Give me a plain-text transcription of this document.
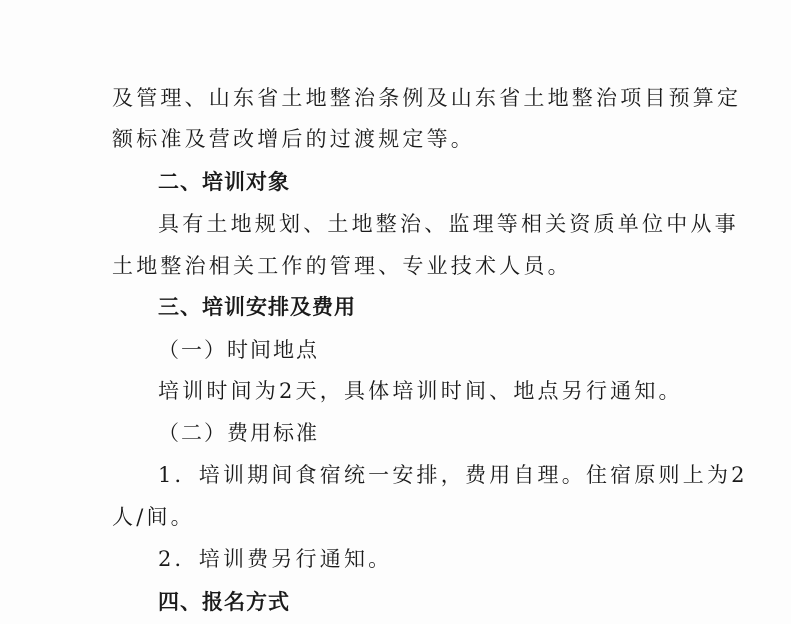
及管理、山东省土地整治条例及山东省土地整治项目预算定
额标准及营改增后的过渡规定等。
二、培训对象
具有土地规划、土地整治、监理等相关资质单位中从事
土地整治相关工作的管理、专业技术人员。
三、培训安排及费用
（一）时间地点
培训时间为2天，具体培训时间、地点另行通知。
（二）费用标准
1．培训期间食宿统一安排，费用自理。住宿原则上为2
人/间。
2．培训费另行通知。
四、报名方式
